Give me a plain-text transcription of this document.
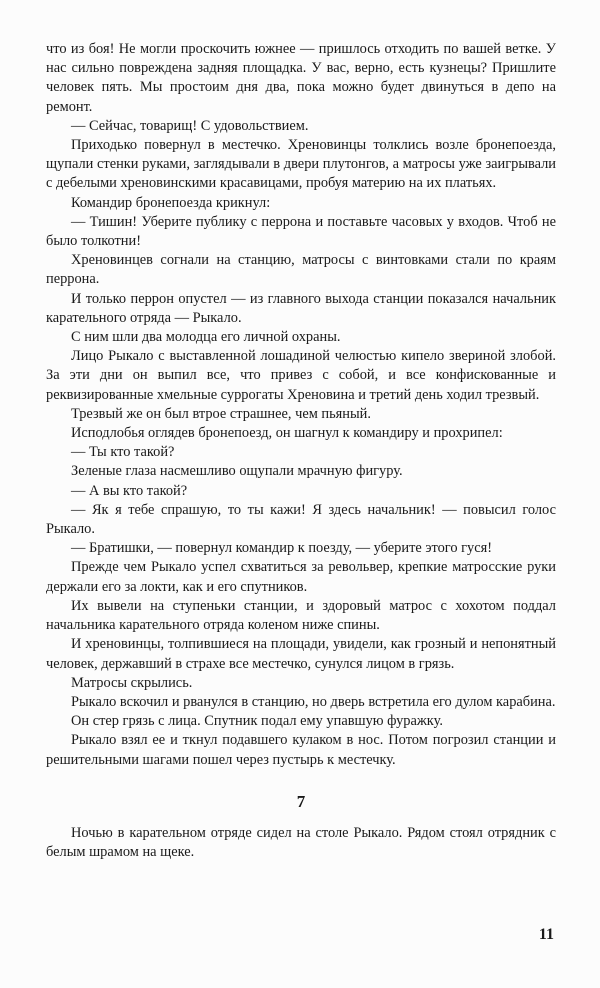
что из боя! Не могли проскочить южнее — пришлось отходить по вашей ветке. У нас сильно повреждена задняя площадка. У вас, верно, есть кузнецы? Пришлите человек пять. Мы простоим дня два, пока можно будет двинуться в депо на ремонт.

— Сейчас, товарищ! С удовольствием.

Приходько повернул в местечко. Хреновинцы толклись возле бронепоезда, щупали стенки руками, заглядывали в двери плутонгов, а матросы уже заигрывали с дебелыми хреновинскими красавицами, пробуя материю на их платьях.

Командир бронепоезда крикнул:

— Тишин! Уберите публику с перрона и поставьте часовых у входов. Чтоб не было толкотни!

Хреновинцев согнали на станцию, матросы с винтовками стали по краям перрона.

И только перрон опустел — из главного выхода станции показался начальник карательного отряда — Рыкало.

С ним шли два молодца его личной охраны.

Лицо Рыкало с выставленной лошадиной челюстью кипело звериной злобой. За эти дни он выпил все, что привез с собой, и все конфискованные и реквизированные хмельные суррогаты Хреновина и третий день ходил трезвый.

Трезвый же он был втрое страшнее, чем пьяный.

Исподлобья оглядев бронепоезд, он шагнул к командиру и прохрипел:

— Ты кто такой?

Зеленые глаза насмешливо ощупали мрачную фигуру.

— А вы кто такой?

— Як я тебе спрашую, то ты кажи! Я здесь начальник! — повысил голос Рыкало.

— Братишки, — повернул командир к поезду, — уберите этого гуся!

Прежде чем Рыкало успел схватиться за револьвер, крепкие матросские руки держали его за локти, как и его спутников.

Их вывели на ступеньки станции, и здоровый матрос с хохотом поддал начальника карательного отряда коленом ниже спины.

И хреновинцы, толпившиеся на площади, увидели, как грозный и непонятный человек, державший в страхе все местечко, сунулся лицом в грязь.

Матросы скрылись.

Рыкало вскочил и рванулся в станцию, но дверь встретила его дулом карабина.

Он стер грязь с лица. Спутник подал ему упавшую фуражку.

Рыкало взял ее и ткнул подавшего кулаком в нос. Потом погрозил станции и решительными шагами пошел через пустырь к местечку.

7

Ночью в карательном отряде сидел на столе Рыкало. Рядом стоял отрядник с белым шрамом на щеке.

11
